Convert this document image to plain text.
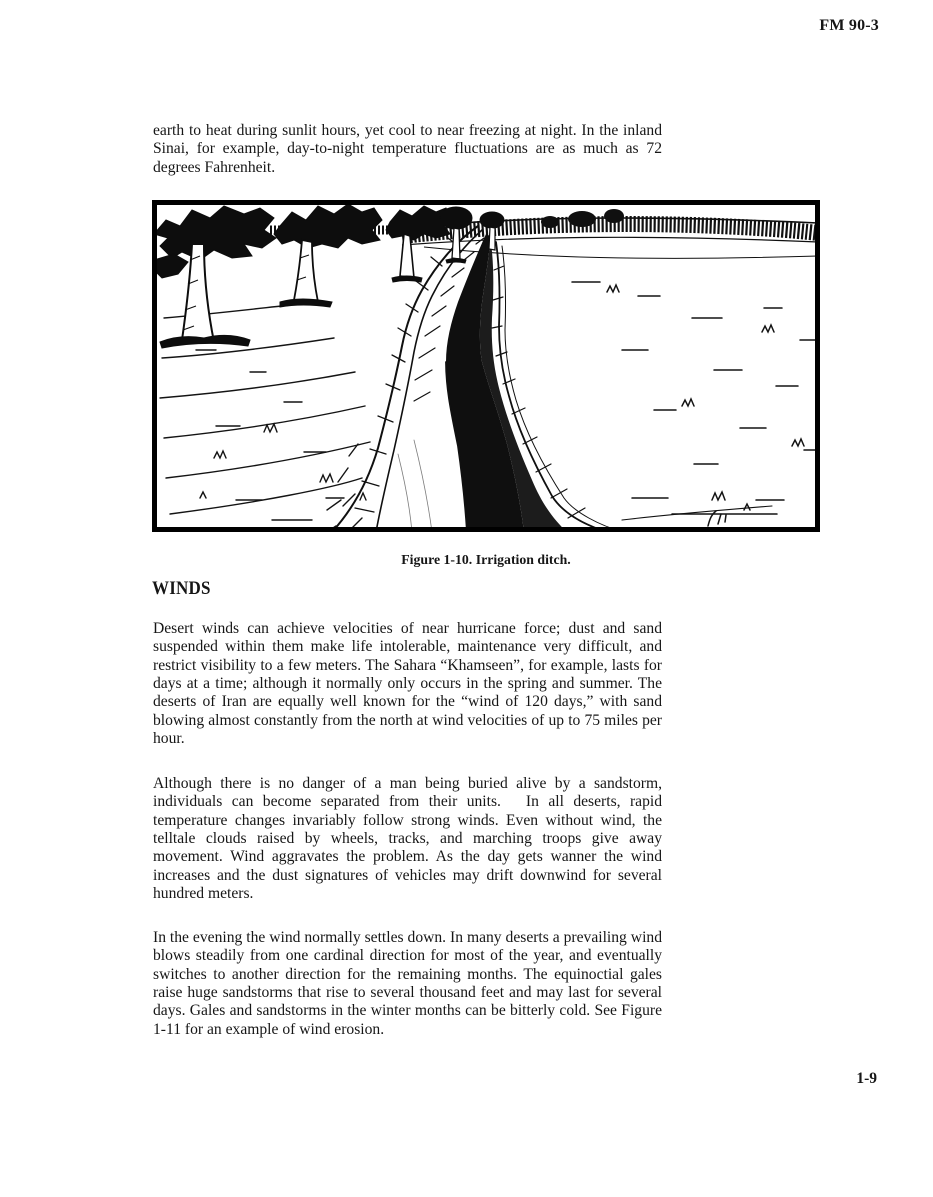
FM 90-3
earth to heat during sunlit hours, yet cool to near freezing at night. In the inland Sinai, for example, day-to-night temperature fluctuations are as much as 72 degrees Fahrenheit.
Figure 1-10. Irrigation ditch.
WINDS
Desert winds can achieve velocities of near hurricane force; dust and sand suspended within them make life intolerable, maintenance very difficult, and restrict visibility to a few meters. The Sahara “Khamseen”, for example, lasts for days at a time; although it normally only occurs in the spring and summer. The deserts of Iran are equally well known for the “wind of 120 days,” with sand blowing almost constantly from the north at wind velocities of up to 75 miles per hour.
Although there is no danger of a man being buried alive by a sandstorm, individuals can become separated from their units.   In all deserts, rapid temperature changes invariably follow strong winds. Even without wind, the telltale clouds raised by wheels, tracks, and marching troops give away movement. Wind aggravates the problem. As the day gets wanner the wind increases and the dust signatures of vehicles may drift downwind for several hundred meters.
In the evening the wind normally settles down. In many deserts a prevailing wind blows steadily from one cardinal direction for most of the year, and eventually switches to another direction for the remaining months. The equinoctial gales raise huge sandstorms that rise to several thousand feet and may last for several days. Gales and sandstorms in the winter months can be bitterly cold. See Figure 1-11 for an example of wind erosion.
1-9
